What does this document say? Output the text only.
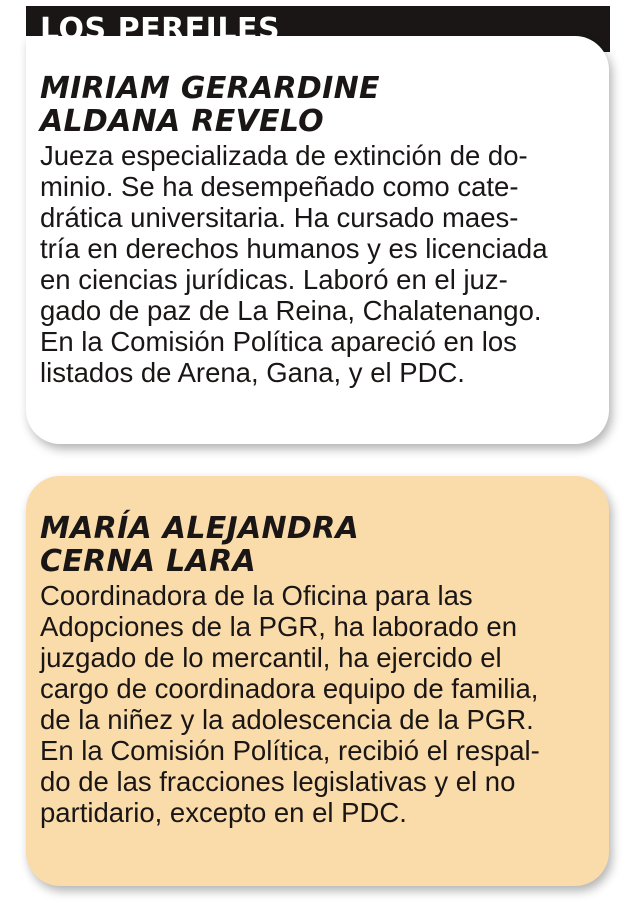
MIRIAM GERARDINE
ALDANA REVELO

Jueza especializada de extinción de do-
minio. Se ha desempeñado como cate-
drática universitaria. Ha cursado maes-
tría en derechos humanos y es licenciada
en ciencias jurídicas. Laboró en el juz-
gado de paz de La Reina, Chalatenango.
En la Comisión Política apareció en los
listados de Arena, Gana, y el PDC.

LOS PERFILES
MARÍA ALEJANDRA
CERNA LARA

Coordinadora de la Oficina para las
Adopciones de la PGR, ha laborado en
juzgado de lo mercantil, ha ejercido el
cargo de coordinadora equipo de familia,
de la niñez y la adolescencia de la PGR.
En la Comisión Política, recibió el respal-
do de las fracciones legislativas y el no
partidario, excepto en el PDC.
